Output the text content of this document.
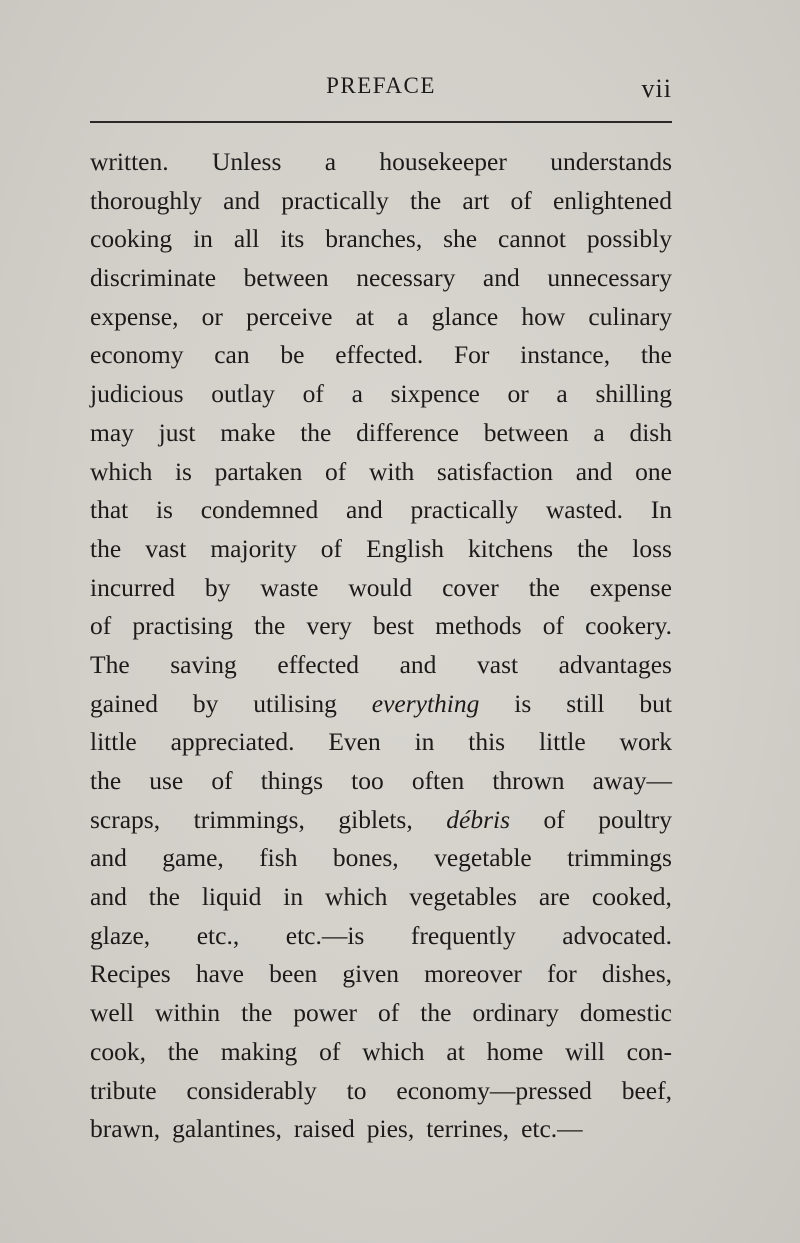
PREFACE	vii
written. Unless a housekeeper understands
thoroughly and practically the art of enlightened
cooking in all its branches, she cannot possibly
discriminate between necessary and unnecessary
expense, or perceive at a glance how culinary
economy can be effected. For instance, the
judicious outlay of a sixpence or a shilling
may just make the difference between a dish
which is partaken of with satisfaction and one
that is condemned and practically wasted. In
the vast majority of English kitchens the loss
incurred by waste would cover the expense
of practising the very best methods of cookery.
The saving effected and vast advantages
gained by utilising everything is still but
little appreciated. Even in this little work
the use of things too often thrown away—
scraps, trimmings, giblets, débris of poultry
and game, fish bones, vegetable trimmings
and the liquid in which vegetables are cooked,
glaze, etc., etc.—is frequently advocated.
Recipes have been given moreover for dishes,
well within the power of the ordinary domestic
cook, the making of which at home will con-
tribute considerably to economy—pressed beef,
brawn, galantines, raised pies, terrines, etc.—
